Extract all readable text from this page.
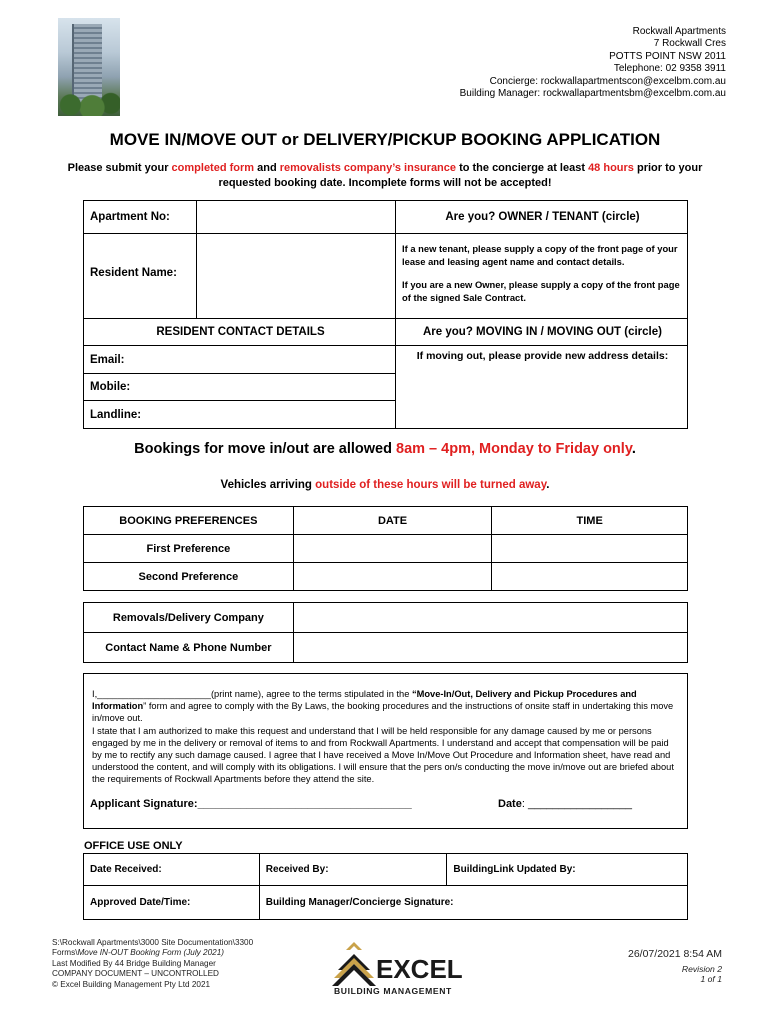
Rockwall Apartments
7 Rockwall Cres
POTTS POINT NSW 2011
Telephone: 02 9358 3911
Concierge: rockwallapartmentscon@excelbm.com.au
Building Manager: rockwallapartmentsbm@excelbm.com.au
MOVE IN/MOVE OUT or DELIVERY/PICKUP BOOKING APPLICATION
Please submit your completed form and removalists company’s insurance to the concierge at least 48 hours prior to your
requested booking date. Incomplete forms will not be accepted!
Apartment No:	Are you? OWNER / TENANT (circle)
Resident Name:
If a new tenant, please supply a copy of the front page of your lease and leasing agent name and contact details.
If you are a new Owner, please supply a copy of the front page of the signed Sale Contract.
RESIDENT CONTACT DETAILS	Are you? MOVING IN / MOVING OUT (circle)
Email:
Mobile:
Landline:
If moving out, please provide new address details:
Bookings for move in/out are allowed 8am – 4pm, Monday to Friday only.
Vehicles arriving outside of these hours will be turned away.
BOOKING PREFERENCES	DATE	TIME
First Preference		
Second Preference		
Removals/Delivery Company	
Contact Name & Phone Number	
I,______________________(print name), agree to the terms stipulated in the “Move-In/Out, Delivery and Pickup Procedures and Information” form and agree to comply with the By Laws, the booking procedures and the instructions of onsite staff in undertaking this move in/move out.
I state that I am authorized to make this request and understand that I will be held responsible for any damage caused by me or persons engaged by me in the delivery or removal of items to and from Rockwall Apartments. I understand and accept that compensation will be paid by me to rectify any such damage caused. I agree that I have received a Move In/Move Out Procedure and Information sheet, have read and understood the content, and will comply with its obligations. I will ensure that the pers on/s conducting the move in/move out are briefed about the requirements of Rockwall Apartments before they attend the site.
Applicant Signature:___________________________________	Date: _________________
OFFICE USE ONLY
Date Received:	Received By:	BuildingLink Updated By:
Approved Date/Time:	Building Manager/Concierge Signature:	
S:\Rockwall Apartments\3000 Site Documentation\3300
Forms\Move IN-OUT Booking Form (July 2021)
Last Modified By 44 Bridge Building Manager
COMPANY DOCUMENT – UNCONTROLLED
© Excel Building Management Pty Ltd 2021
EXCEL
BUILDING MANAGEMENT
26/07/2021 8:54 AM
Revision 2
1 of 1
